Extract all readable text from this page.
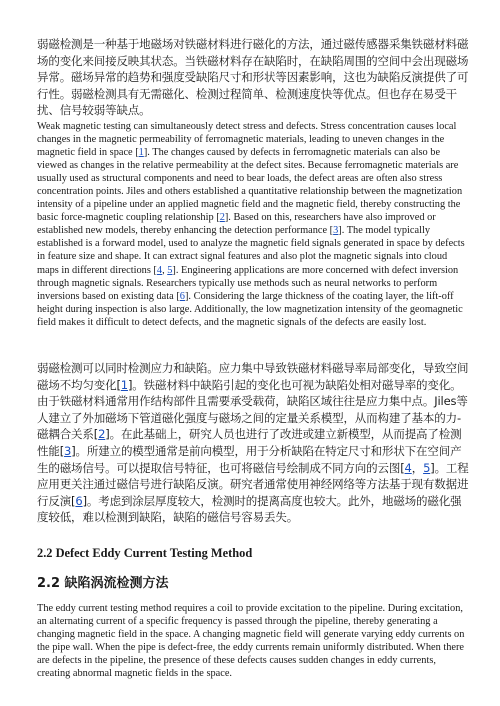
弱磁检测是一种基于地磁场对铁磁材料进行磁化的方法，通过磁传感器采集铁磁材料磁场的变化来间接反映其状态。当铁磁材料存在缺陷时，在缺陷周围的空间中会出现磁场异常。磁场异常的趋势和强度受缺陷尺寸和形状等因素影响，这也为缺陷反演提供了可行性。弱磁检测具有无需磁化、检测过程简单、检测速度快等优点。但也存在易受干扰、信号较弱等缺点。

Weak magnetic testing can simultaneously detect stress and defects. Stress concentration causes local changes in the magnetic permeability of ferromagnetic materials, leading to uneven changes in the magnetic field in space [1]. The changes caused by defects in ferromagnetic materials can also be viewed as changes in the relative permeability at the defect sites. Because ferromagnetic materials are usually used as structural components and need to bear loads, the defect areas are often also stress concentration points. Jiles and others established a quantitative relationship between the magnetization intensity of a pipeline under an applied magnetic field and the magnetic field, thereby constructing the basic force-magnetic coupling relationship [2]. Based on this, researchers have also improved or established new models, thereby enhancing the detection performance [3]. The model typically established is a forward model, used to analyze the magnetic field signals generated in space by defects in feature size and shape. It can extract signal features and also plot the magnetic signals into cloud maps in different directions [4, 5]. Engineering applications are more concerned with defect inversion through magnetic signals. Researchers typically use methods such as neural networks to perform inversions based on existing data [6]. Considering the large thickness of the coating layer, the lift-off height during inspection is also large. Additionally, the low magnetization intensity of the geomagnetic field makes it difficult to detect defects, and the magnetic signals of the defects are easily lost.

弱磁检测可以同时检测应力和缺陷。应力集中导致铁磁材料磁导率局部变化，导致空间磁场不均匀变化[1]。铁磁材料中缺陷引起的变化也可视为缺陷处相对磁导率的变化。由于铁磁材料通常用作结构部件且需要承受载荷，缺陷区域往往是应力集中点。Jiles等人建立了外加磁场下管道磁化强度与磁场之间的定量关系模型，从而构建了基本的力-磁耦合关系[2]。在此基础上，研究人员也进行了改进或建立新模型，从而提高了检测性能[3]。所建立的模型通常是前向模型，用于分析缺陷在特定尺寸和形状下在空间产生的磁场信号。可以提取信号特征，也可将磁信号绘制成不同方向的云图[4，5]。工程应用更关注通过磁信号进行缺陷反演。研究者通常使用神经网络等方法基于现有数据进行反演[6]。考虑到涂层厚度较大，检测时的提离高度也较大。此外，地磁场的磁化强度较低，难以检测到缺陷，缺陷的磁信号容易丢失。

2.2 Defect Eddy Current Testing Method
2.2 缺陷涡流检测方法

The eddy current testing method requires a coil to provide excitation to the pipeline. During excitation, an alternating current of a specific frequency is passed through the pipeline, thereby generating a changing magnetic field in the space. A changing magnetic field will generate varying eddy currents on the pipe wall. When the pipe is defect-free, the eddy currents remain uniformly distributed. When there are defects in the pipeline, the presence of these defects causes sudden changes in eddy currents, creating abnormal magnetic fields in the space.
